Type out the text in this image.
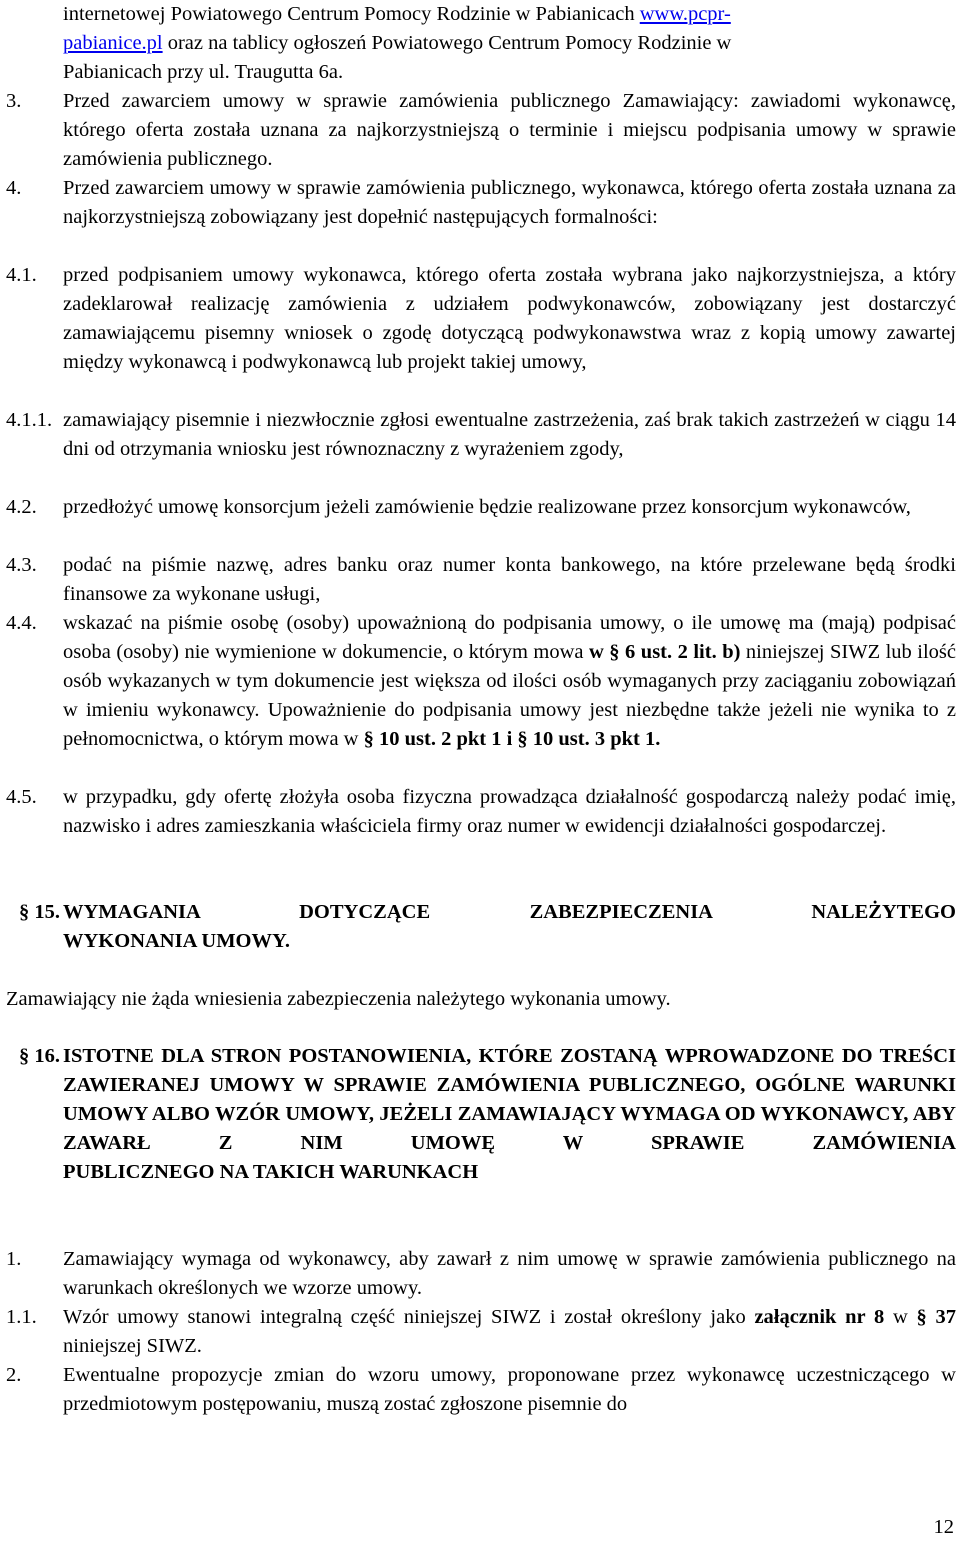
internetowej Powiatowego Centrum Pomocy Rodzinie w Pabianicach www.pcpr-
pabianice.pl oraz na tablicy ogłoszeń Powiatowego Centrum Pomocy Rodzinie w
Pabianicach przy ul. Traugutta 6a.
3. Przed zawarciem umowy w sprawie zamówienia publicznego Zamawiający: zawiadomi wykonawcę, którego oferta została uznana za najkorzystniejszą o terminie i miejscu podpisania umowy w sprawie zamówienia publicznego.
4. Przed zawarciem umowy w sprawie zamówienia publicznego, wykonawca, którego oferta została uznana za najkorzystniejszą zobowiązany jest dopełnić następujących formalności:
4.1. przed podpisaniem umowy wykonawca, którego oferta została wybrana jako najkorzystniejsza, a który zadeklarował realizację zamówienia z udziałem podwykonawców, zobowiązany jest dostarczyć zamawiającemu pisemny wniosek o zgodę dotyczącą podwykonawstwa wraz z kopią umowy zawartej między wykonawcą i podwykonawcą lub projekt takiej umowy,
4.1.1. zamawiający pisemnie i niezwłocznie zgłosi ewentualne zastrzeżenia, zaś brak takich zastrzeżeń w ciągu 14 dni od otrzymania wniosku jest równoznaczny z wyrażeniem zgody,
4.2. przedłożyć umowę konsorcjum jeżeli zamówienie będzie realizowane przez konsorcjum wykonawców,
4.3. podać na piśmie nazwę, adres banku oraz numer konta bankowego, na które przelewane będą środki finansowe za wykonane usługi,
4.4. wskazać na piśmie osobę (osoby) upoważnioną do podpisania umowy, o ile umowę ma (mają) podpisać osoba (osoby) nie wymienione w dokumencie, o którym mowa w § 6 ust. 2 lit. b) niniejszej SIWZ lub ilość osób wykazanych w tym dokumencie jest większa od ilości osób wymaganych przy zaciąganiu zobowiązań w imieniu wykonawcy. Upoważnienie do podpisania umowy jest niezbędne także jeżeli nie wynika to z pełnomocnictwa, o którym mowa w § 10 ust. 2 pkt 1 i § 10 ust. 3 pkt 1.
4.5. w przypadku, gdy ofertę złożyła osoba fizyczna prowadząca działalność gospodarczą należy podać imię, nazwisko i adres zamieszkania właściciela firmy oraz numer w ewidencji działalności gospodarczej.
§ 15. WYMAGANIA DOTYCZĄCE ZABEZPIECZENIA NALEŻYTEGO
WYKONANIA UMOWY.
Zamawiający nie żąda wniesienia zabezpieczenia należytego wykonania umowy.
§ 16. ISTOTNE DLA STRON POSTANOWIENIA, KTÓRE ZOSTANĄ WPROWADZONE DO TREŚCI ZAWIERANEJ UMOWY W SPRAWIE ZAMÓWIENIA PUBLICZNEGO, OGÓLNE WARUNKI UMOWY ALBO WZÓR UMOWY, JEŻELI ZAMAWIAJĄCY WYMAGA OD WYKONAWCY, ABY ZAWARŁ Z NIM UMOWĘ W SPRAWIE ZAMÓWIENIA
PUBLICZNEGO NA TAKICH WARUNKACH
1. Zamawiający wymaga od wykonawcy, aby zawarł z nim umowę w sprawie zamówienia publicznego na warunkach określonych we wzorze umowy.
1.1. Wzór umowy stanowi integralną część niniejszej SIWZ i został określony jako załącznik nr 8 w § 37 niniejszej SIWZ.
2. Ewentualne propozycje zmian do wzoru umowy, proponowane przez wykonawcę uczestniczącego w przedmiotowym postępowaniu, muszą zostać zgłoszone pisemnie do
12
